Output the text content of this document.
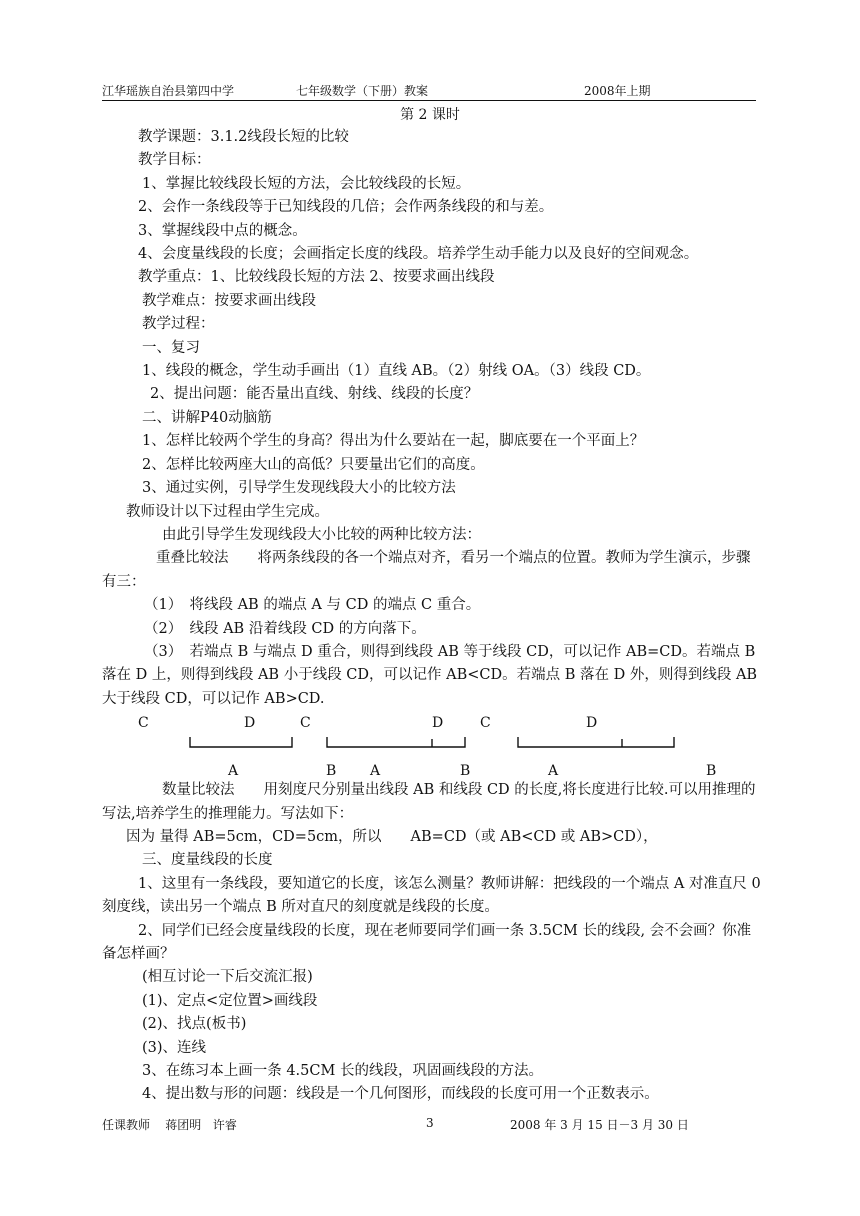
江华瑶族自治县第四中学	七年级数学（下册）教案	2008年上期
第 2 课时

教学课题：3.1.2线段长短的比较

教学目标：

1、掌握比较线段长短的方法，会比较线段的长短。

2、会作一条线段等于已知线段的几倍；会作两条线段的和与差。

3、掌握线段中点的概念。

4、会度量线段的长度；会画指定长度的线段。培养学生动手能力以及良好的空间观念。

教学重点：1、比较线段长短的方法 2、按要求画出线段

教学难点：按要求画出线段

教学过程：

一、复习

1、线段的概念，学生动手画出（1）直线 AB。（2）射线 OA。（3）线段 CD。

2、提出问题：能否量出直线、射线、线段的长度？

二、讲解P40动脑筋

1、怎样比较两个学生的身高？得出为什么要站在一起，脚底要在一个平面上？

2、怎样比较两座大山的高低？只要量出它们的高度。

3、通过实例，引导学生发现线段大小的比较方法

教师设计以下过程由学生完成。

由此引导学生发现线段大小比较的两种比较方法：

重叠比较法　　将两条线段的各一个端点对齐，看另一个端点的位置。教师为学生演示，步骤有三：

（1）　将线段 AB 的端点 A 与 CD 的端点 C 重合。

（2）　线段 AB 沿着线段 CD 的方向落下。

（3）　若端点 B 与端点 D 重合，则得到线段 AB 等于线段 CD，可以记作 AB=CD。若端点 B 落在 D 上，则得到线段 AB 小于线段 CD，可以记作 AB<CD。若端点 B 落在 D 外，则得到线段 AB 大于线段 CD，可以记作 AB>CD.

C	D	C	D	C	D
A	B A	B	A	B

数量比较法　　用刻度尺分别量出线段 AB 和线段 CD 的长度,将长度进行比较.可以用推理的写法,培养学生的推理能力。写法如下：

因为 量得 AB=5cm，CD=5cm，所以　　AB=CD（或 AB<CD 或 AB>CD），

三、度量线段的长度

1、这里有一条线段，要知道它的长度，该怎么测量？教师讲解：把线段的一个端点 A 对准直尺 0 刻度线，读出另一个端点 B 所对直尺的刻度就是线段的长度。

2、同学们已经会度量线段的长度，现在老师要同学们画一条 3.5CM 长的线段, 会不会画？你准备怎样画？

(相互讨论一下后交流汇报)

(1)、定点<定位置>画线段

(2)、找点(板书)

(3)、连线

3、在练习本上画一条 4.5CM 长的线段，巩固画线段的方法。

4、提出数与形的问题：线段是一个几何图形，而线段的长度可用一个正数表示。

任课教师 蒋团明 许睿	3	2008 年 3 月 15 日－3 月 30 日
